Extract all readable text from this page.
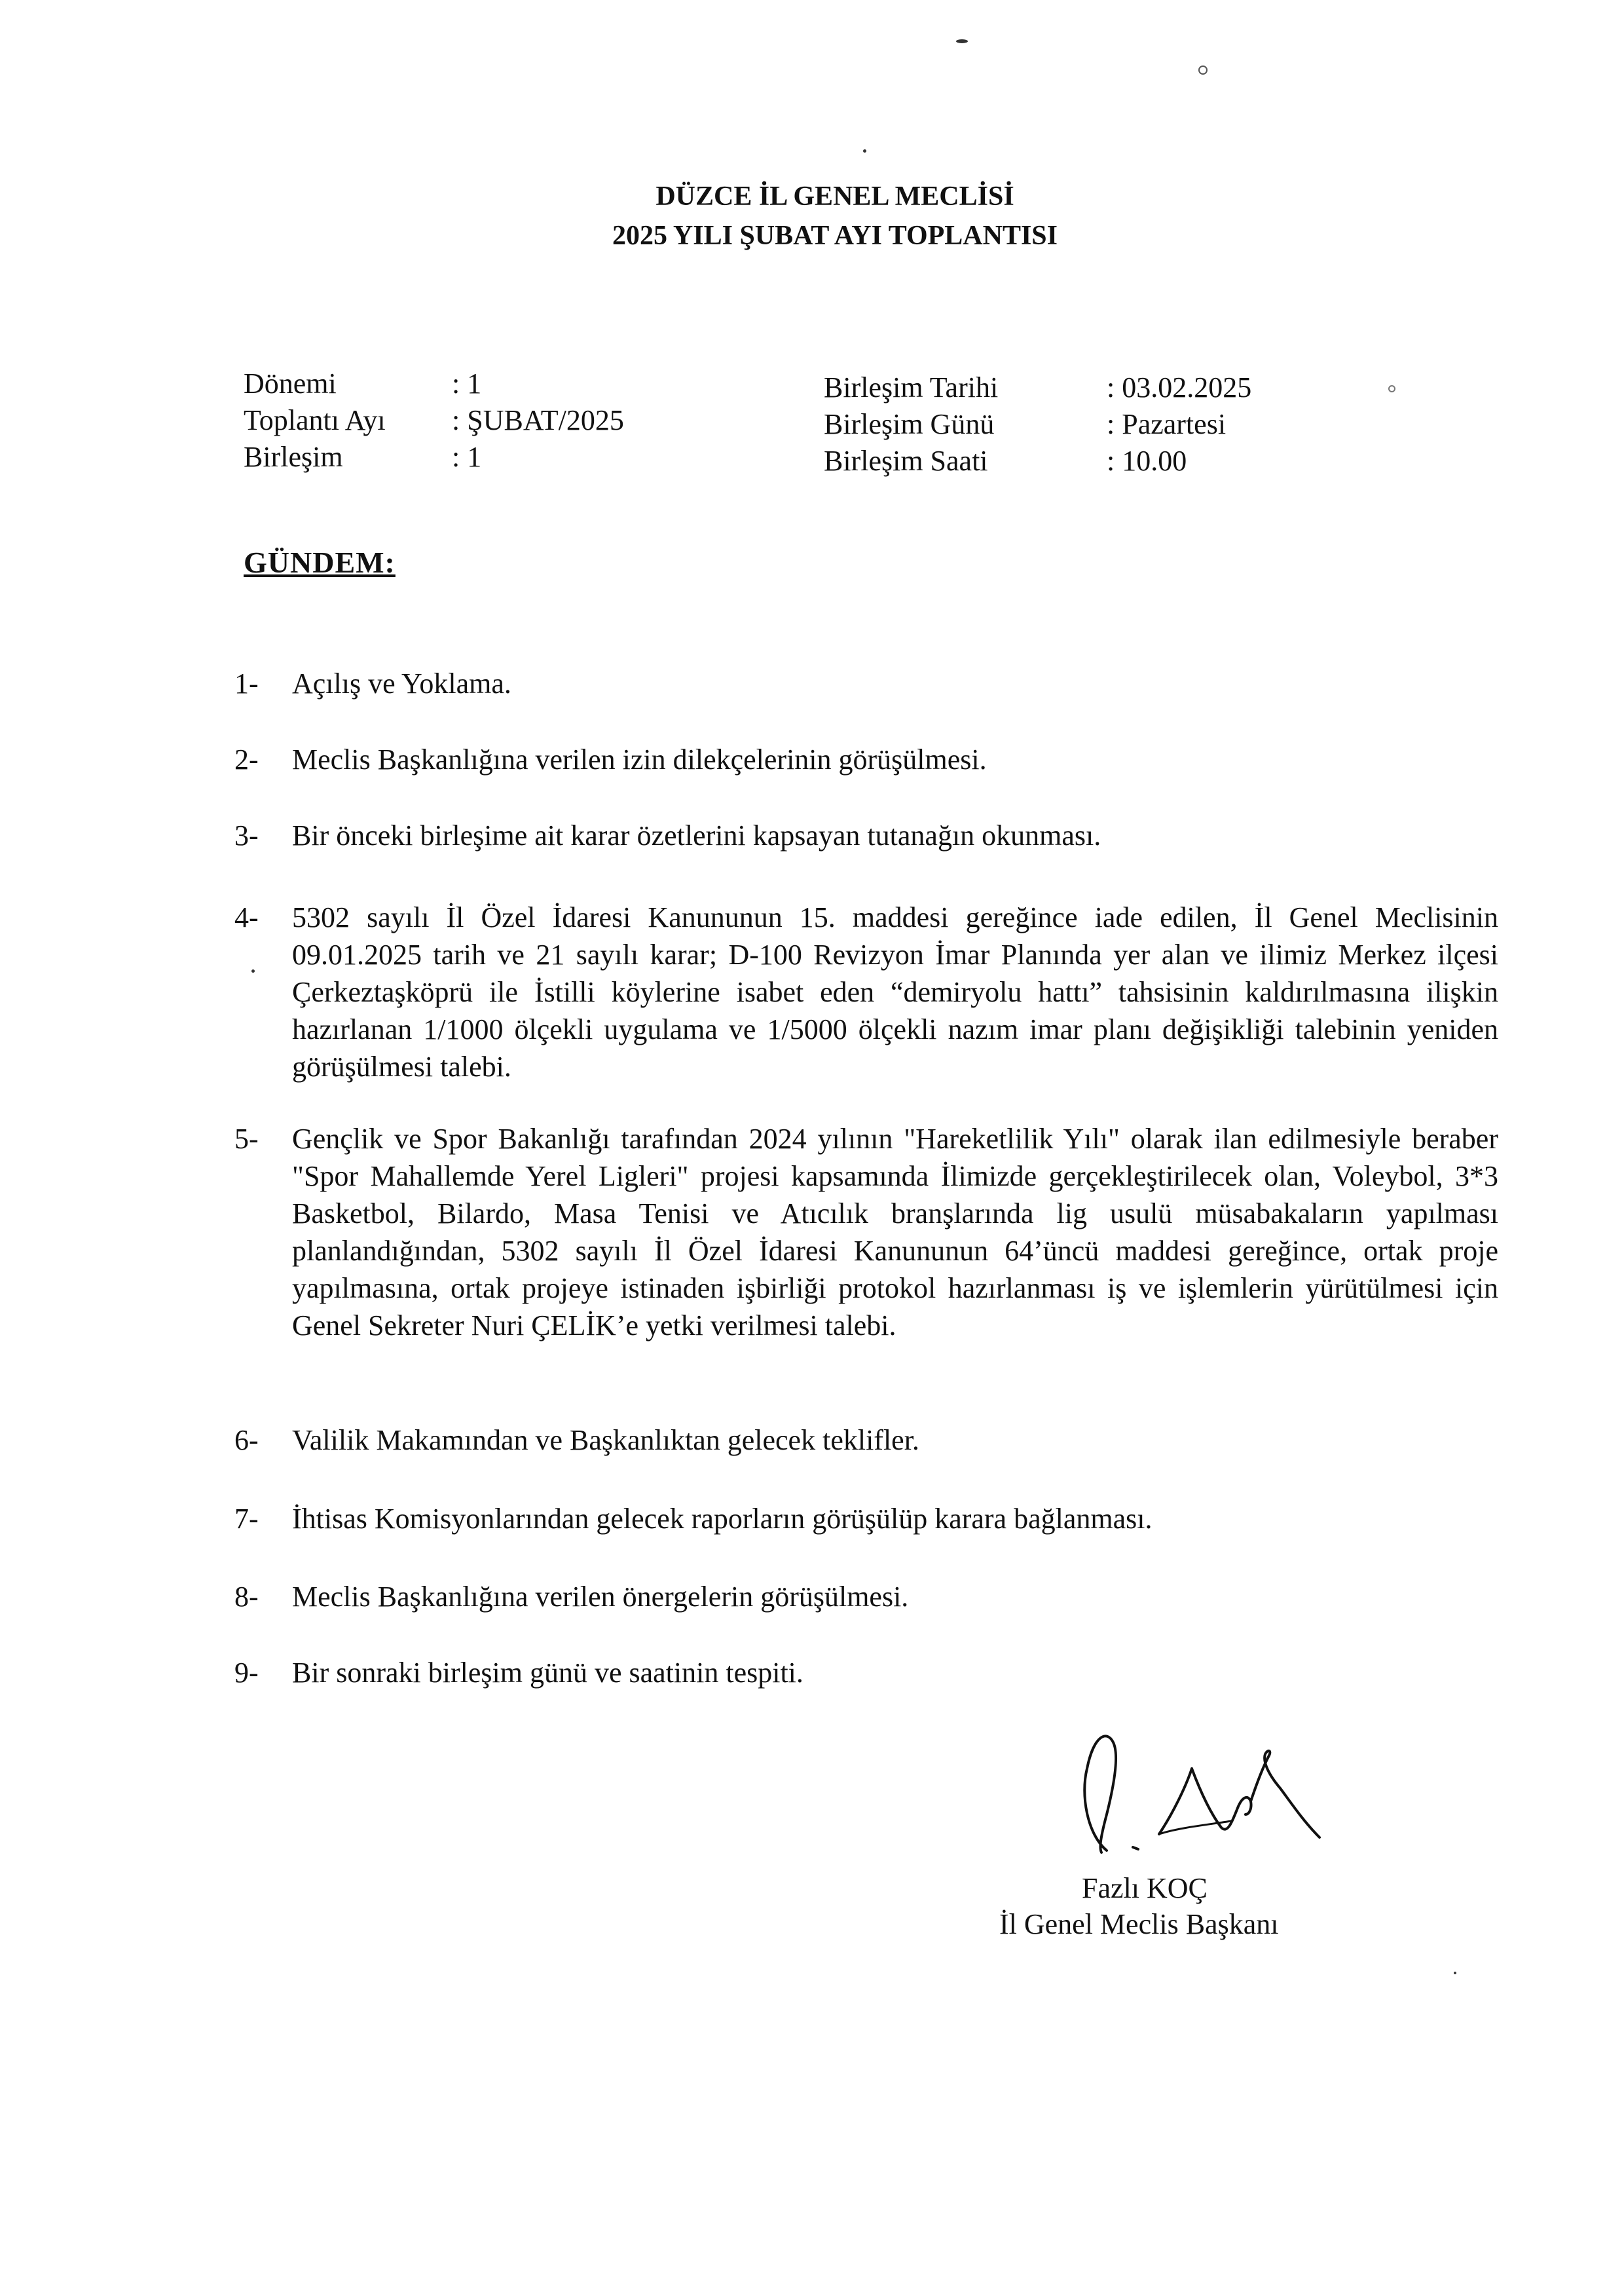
DÜZCE İL GENEL MECLİSİ
2025 YILI ŞUBAT AYI TOPLANTISI
Dönemi	: 1
Toplantı Ayı : ŞUBAT/2025
Birleşim	: 1
Birleşim Tarihi	: 03.02.2025
Birleşim Günü	: Pazartesi
Birleşim Saati	: 10.00
GÜNDEM:
1-	Açılış ve Yoklama.
2-	Meclis Başkanlığına verilen izin dilekçelerinin görüşülmesi.
3-	Bir önceki birleşime ait karar özetlerini kapsayan tutanağın okunması.
4-	5302 sayılı İl Özel İdaresi Kanununun 15. maddesi gereğince iade edilen, İl Genel Meclisinin 09.01.2025 tarih ve 21 sayılı karar; D-100 Revizyon İmar Planında yer alan ve ilimiz Merkez ilçesi Çerkeztaşköprü ile İstilli köylerine isabet eden “demiryolu hattı” tahsisinin kaldırılmasına ilişkin hazırlanan 1/1000 ölçekli uygulama ve 1/5000 ölçekli nazım imar planı değişikliği talebinin yeniden görüşülmesi talebi.
5-	Gençlik ve Spor Bakanlığı tarafından 2024 yılının "Hareketlilik Yılı" olarak ilan edilmesiyle beraber "Spor Mahallemde Yerel Ligleri" projesi kapsamında İlimizde gerçekleştirilecek olan, Voleybol, 3*3 Basketbol, Bilardo, Masa Tenisi ve Atıcılık branşlarında lig usulü müsabakaların yapılması planlandığından, 5302 sayılı İl Özel İdaresi Kanununun 64’üncü maddesi gereğince, ortak proje yapılmasına, ortak projeye istinaden işbirliği protokol hazırlanması iş ve işlemlerin yürütülmesi için Genel Sekreter Nuri ÇELİK’e yetki verilmesi talebi.
6-	Valilik Makamından ve Başkanlıktan gelecek teklifler.
7-	İhtisas Komisyonlarından gelecek raporların görüşülüp karara bağlanması.
8-	Meclis Başkanlığına verilen önergelerin görüşülmesi.
9-	Bir sonraki birleşim günü ve saatinin tespiti.
Fazlı KOÇ
İl Genel Meclis Başkanı
